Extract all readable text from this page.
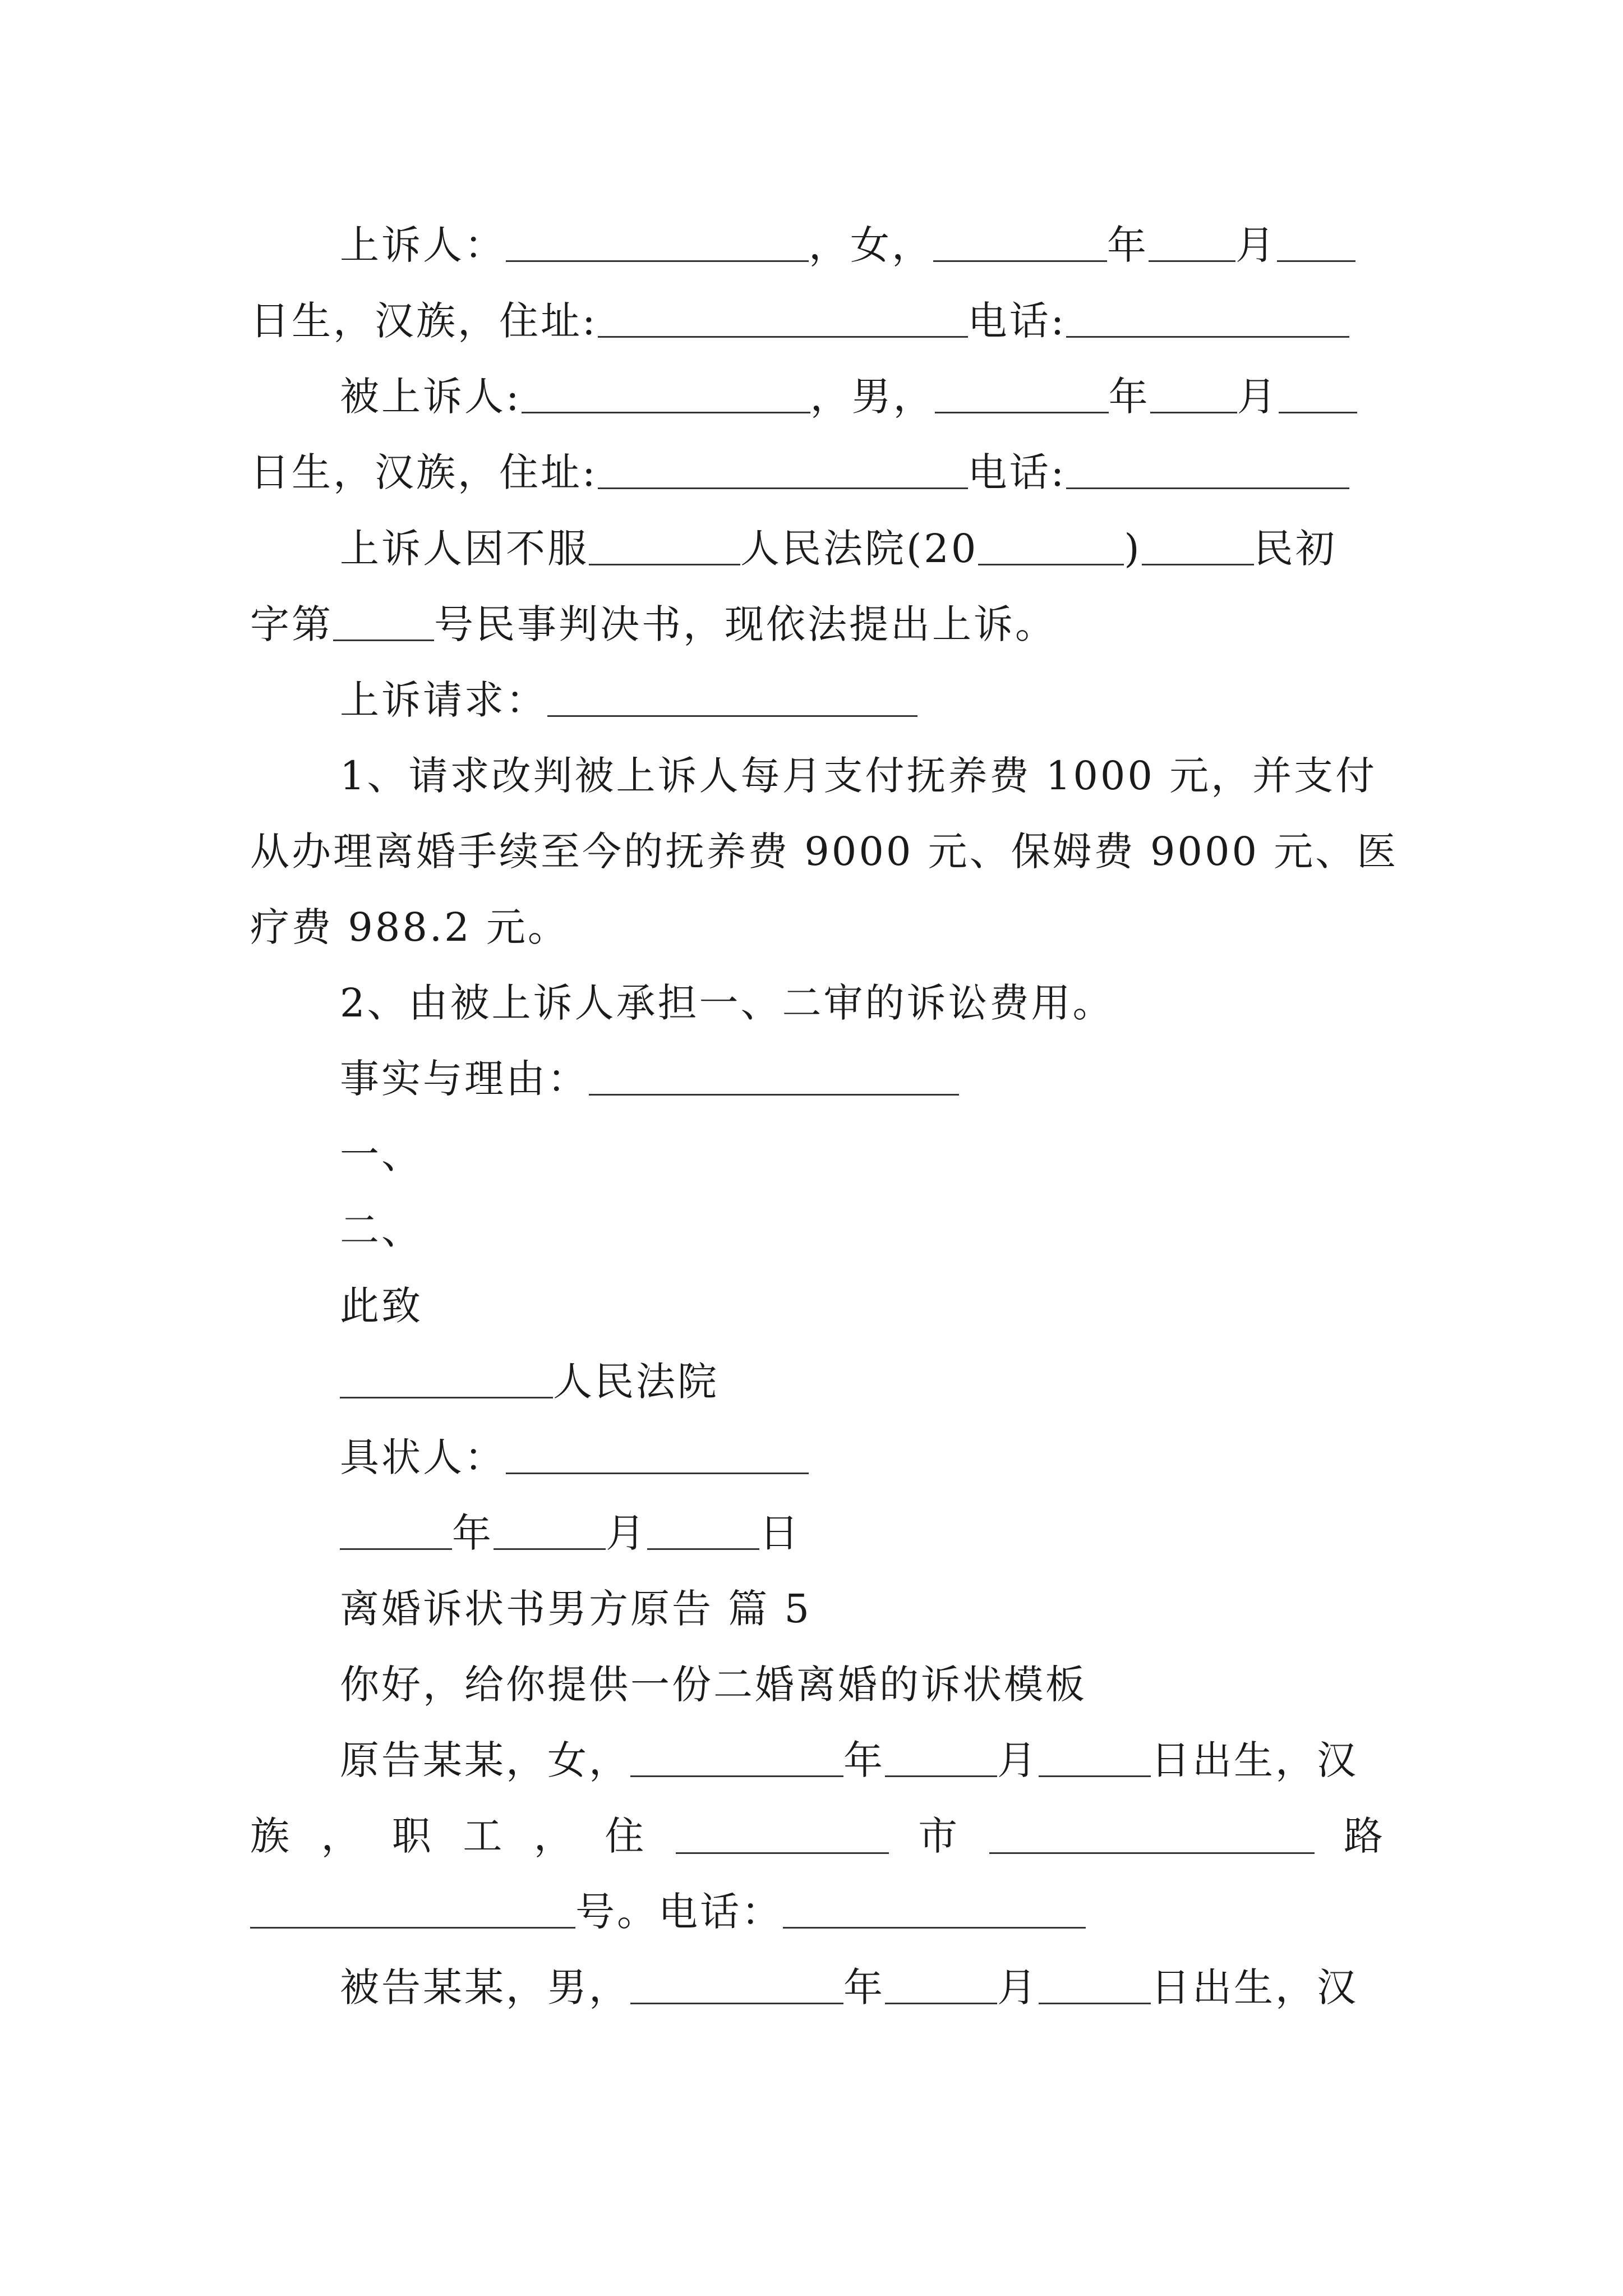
上诉人：	，女，	年 月
日生，汉族，住址:	电话:
被上诉人:	，男，	年 月
日生，汉族，住址:	电话:
上诉人因不服	人民法院(20	)	民初
字第	号民事判决书，现依法提出上诉。
上诉请求：
1、请求改判被上诉人每月支付抚养费 1000 元，并支付
从办理离婚手续至今的抚养费 9000 元、保姆费 9000 元、医
疗费 988.2 元。
2、由被上诉人承担一、二审的诉讼费用。
事实与理由：
一、
二、
此致
人民法院
具状人：
年	月	日
离婚诉状书男方原告 篇 5
你好，给你提供一份二婚离婚的诉状模板
原告某某，女，	年	月	日出生，汉
族 ， 职 工 ， 住	市	路
号。电话：
被告某某，男，	年	月	日出生，汉
